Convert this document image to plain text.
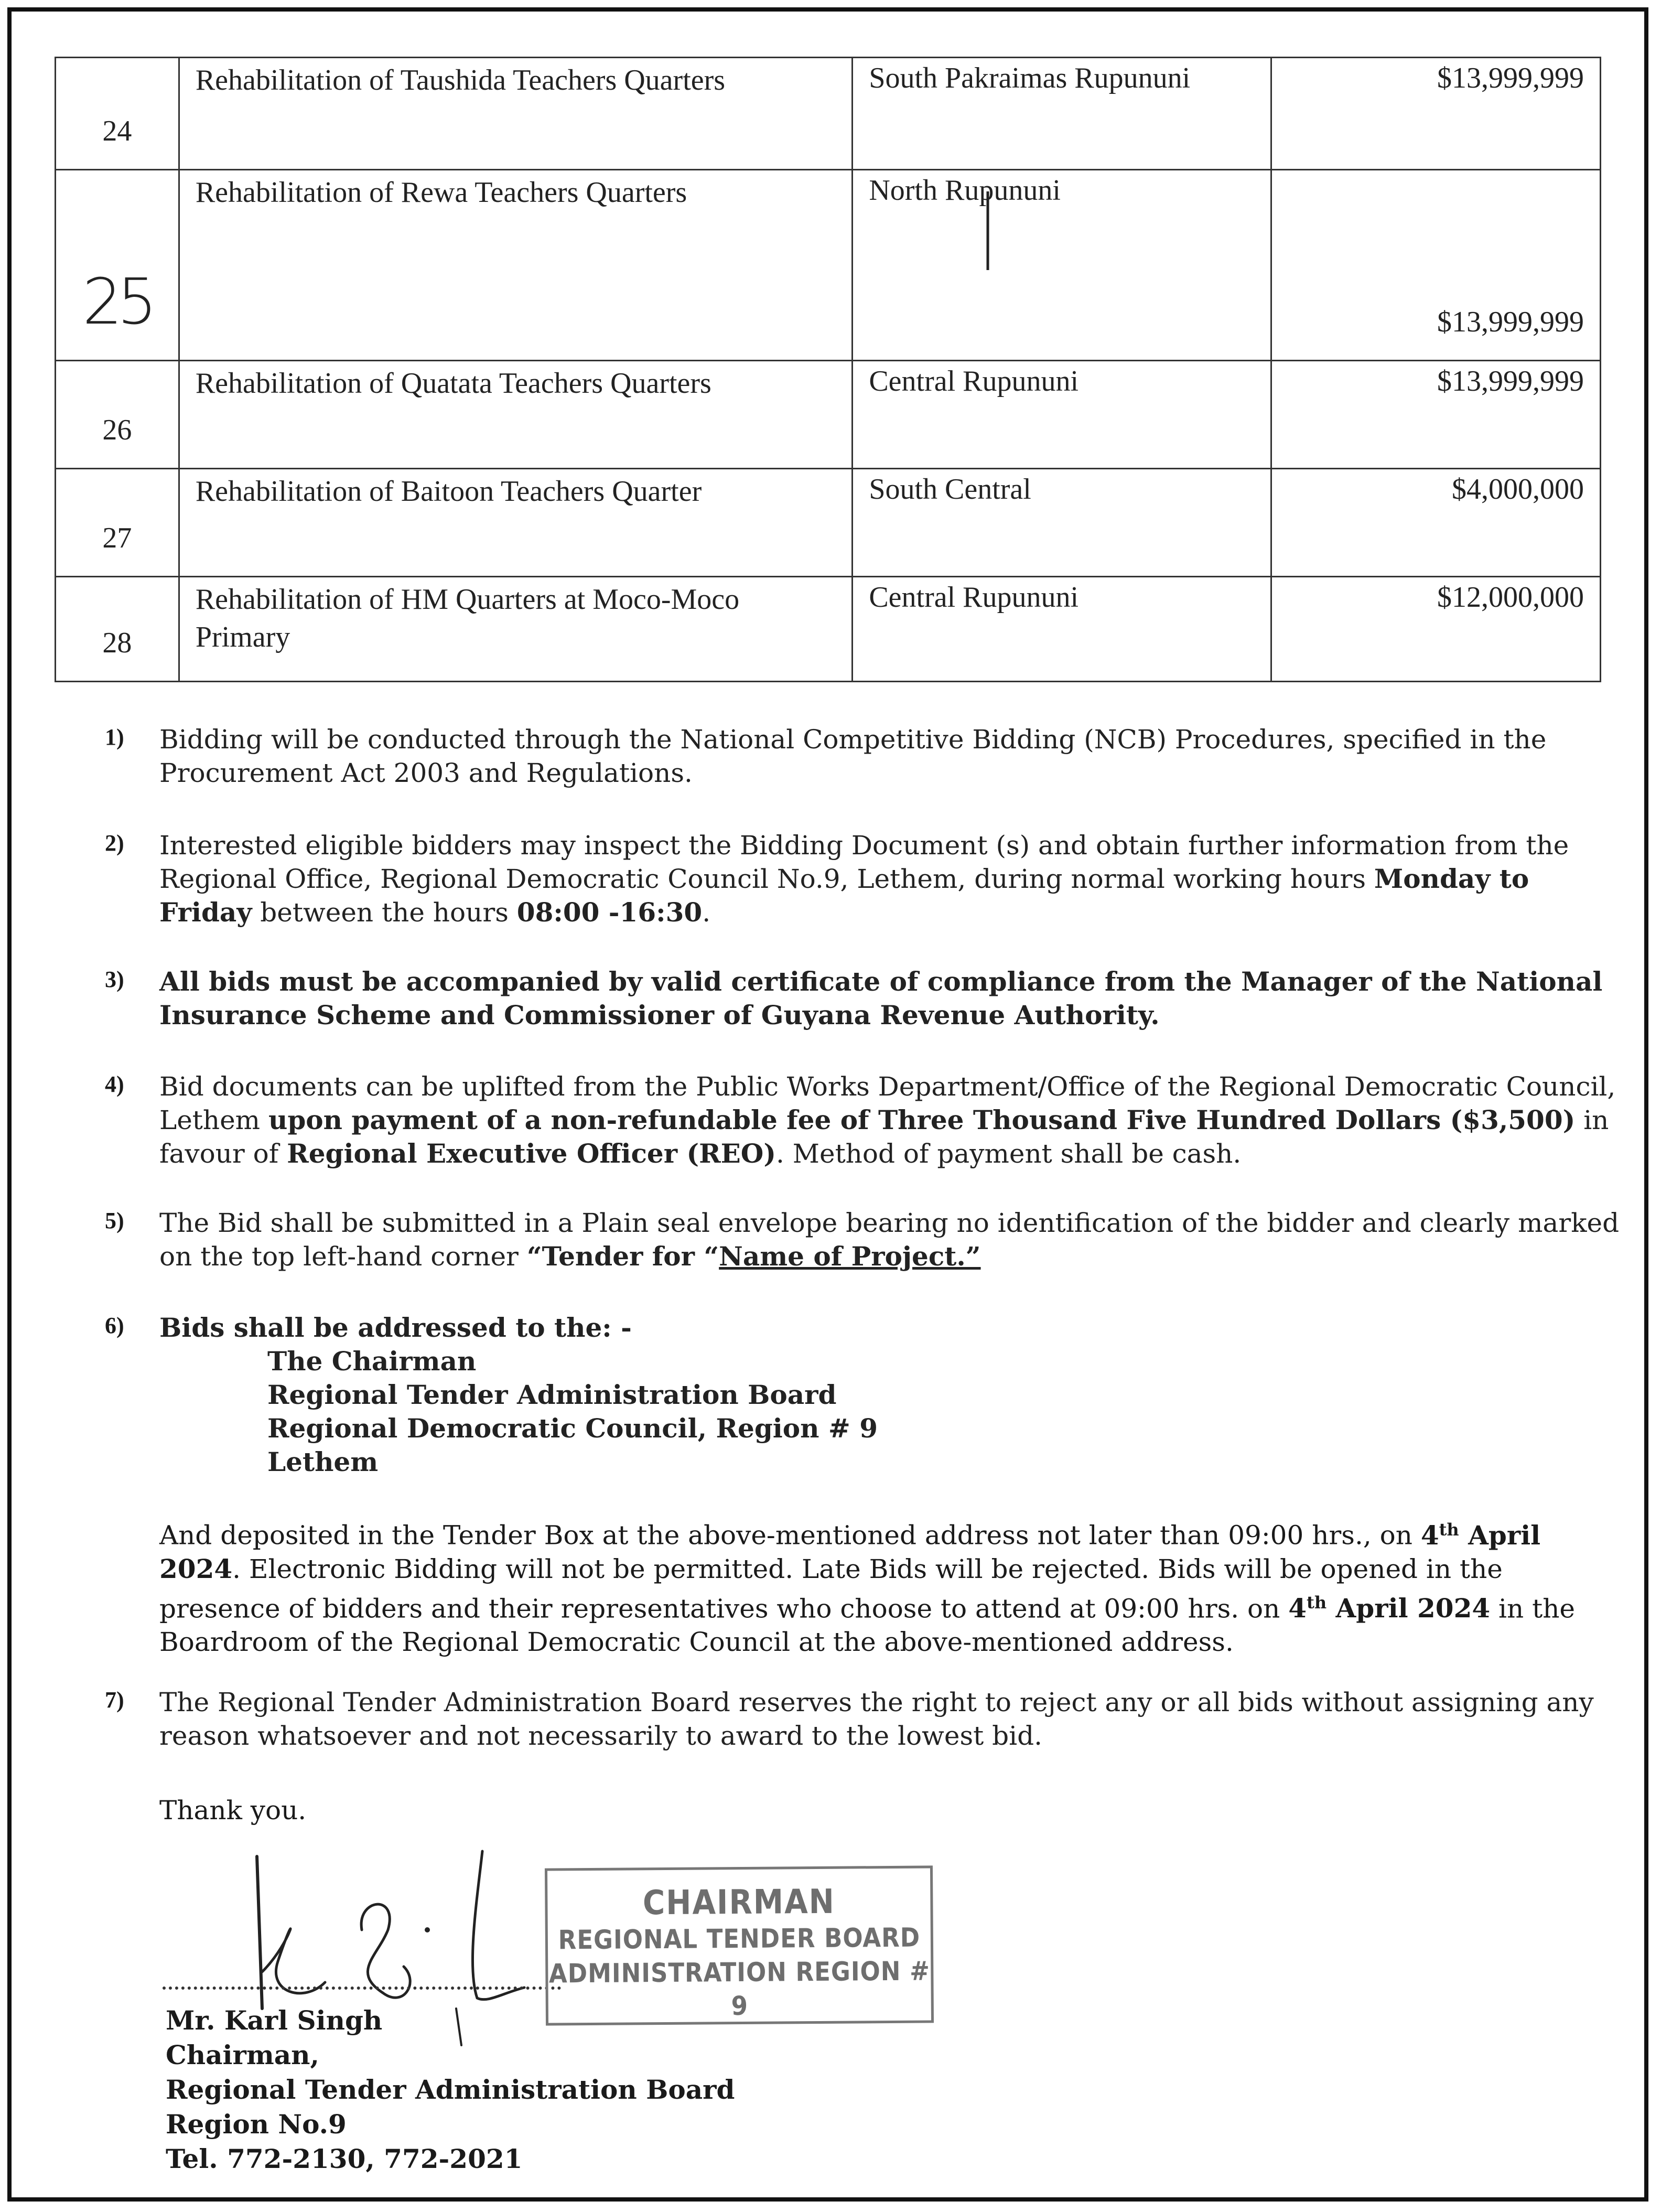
24	Rehabilitation of Taushida Teachers Quarters	South Pakraimas Rupununi	$13,999,999
25	Rehabilitation of Rewa Teachers Quarters	North Rupununi	$13,999,999
26	Rehabilitation of Quatata Teachers Quarters	Central Rupununi	$13,999,999
27	Rehabilitation of Baitoon Teachers Quarter	South Central	$4,000,000
28	Rehabilitation of HM Quarters at Moco-Moco Primary	Central Rupununi	$12,000,000
1) Bidding will be conducted through the National Competitive Bidding (NCB) Procedures, specified in the Procurement Act 2003 and Regulations.
2) Interested eligible bidders may inspect the Bidding Document (s) and obtain further information from the Regional Office, Regional Democratic Council No.9, Lethem, during normal working hours Monday to Friday between the hours 08:00 -16:30.
3) All bids must be accompanied by valid certificate of compliance from the Manager of the National Insurance Scheme and Commissioner of Guyana Revenue Authority.
4) Bid documents can be uplifted from the Public Works Department/Office of the Regional Democratic Council, Lethem upon payment of a non-refundable fee of Three Thousand Five Hundred Dollars ($3,500) in favour of Regional Executive Officer (REO). Method of payment shall be cash.
5) The Bid shall be submitted in a Plain seal envelope bearing no identification of the bidder and clearly marked on the top left-hand corner “Tender for “Name of Project.”
6) Bids shall be addressed to the: -
The Chairman
Regional Tender Administration Board
Regional Democratic Council, Region # 9
Lethem
And deposited in the Tender Box at the above-mentioned address not later than 09:00 hrs., on 4th April 2024. Electronic Bidding will not be permitted. Late Bids will be rejected. Bids will be opened in the presence of bidders and their representatives who choose to attend at 09:00 hrs. on 4th April 2024 in the Boardroom of the Regional Democratic Council at the above-mentioned address.
7) The Regional Tender Administration Board reserves the right to reject any or all bids without assigning any reason whatsoever and not necessarily to award to the lowest bid.
Thank you.
CHAIRMAN
REGIONAL TENDER BOARD
ADMINISTRATION REGION # 9
Mr. Karl Singh
Chairman,
Regional Tender Administration Board
Region No.9
Tel. 772-2130, 772-2021
